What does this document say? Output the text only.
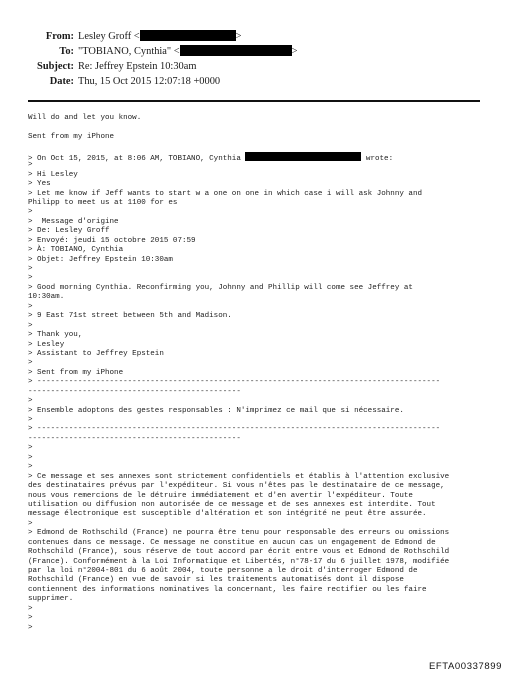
From: Lesley Groff <	>
To: "TOBIANO, Cynthia" <	>
Subject: Re: Jeffrey Epstein 10:30am
Date: Thu, 15 Oct 2015 12:07:18 +0000
Will do and let you know.
Sent from my iPhone
> On Oct 15, 2015, at 8:06 AM, TOBIANO, Cynthia	wrote:
>
> Hi Lesley
> Yes
> Let me know if Jeff wants to start w a one on one in which case i will ask Johnny and
Philipp to meet us at 1100 for es
>
>  Message d'origine
> De: Lesley Groff
> Envoyé: jeudi 15 octobre 2015 07:59
> À: TOBIANO, Cynthia
> Objet: Jeffrey Epstein 10:30am
>
>
> Good morning Cynthia. Reconfirming you, Johnny and Phillip will come see Jeffrey at
10:30am.
>
> 9 East 71st street between 5th and Madison.
>
> Thank you,
> Lesley
> Assistant to Jeffrey Epstein
>
> Sent from my iPhone
> -----------------------------------------------------------------------------------------
-----------------------------------------------
>
> Ensemble adoptons des gestes responsables : N'imprimez ce mail que si nécessaire.
>
> -----------------------------------------------------------------------------------------
-----------------------------------------------
>
>
>
> Ce message et ses annexes sont strictement confidentiels et établis à l'attention exclusive
des destinataires prévus par l'expéditeur. Si vous n'êtes pas le destinataire de ce message,
nous vous remercions de le détruire immédiatement et d'en avertir l'expéditeur. Toute
utilisation ou diffusion non autorisée de ce message et de ses annexes est interdite. Tout
message électronique est susceptible d'altération et son intégrité ne peut être assurée.
>
> Edmond de Rothschild (France) ne pourra être tenu pour responsable des erreurs ou omissions
contenues dans ce message. Ce message ne constitue en aucun cas un engagement de Edmond de
Rothschild (France), sous réserve de tout accord par écrit entre vous et Edmond de Rothschild
(France). Conformément à la Loi Informatique et Libertés, n°78-17 du 6 juillet 1978, modifiée
par la loi n°2004-801 du 6 août 2004, toute personne a le droit d'interroger Edmond de
Rothschild (France) en vue de savoir si les traitements automatisés dont il dispose
contiennent des informations nominatives la concernant, les faire rectifier ou les faire
supprimer.
>
>
>
EFTA00337899
